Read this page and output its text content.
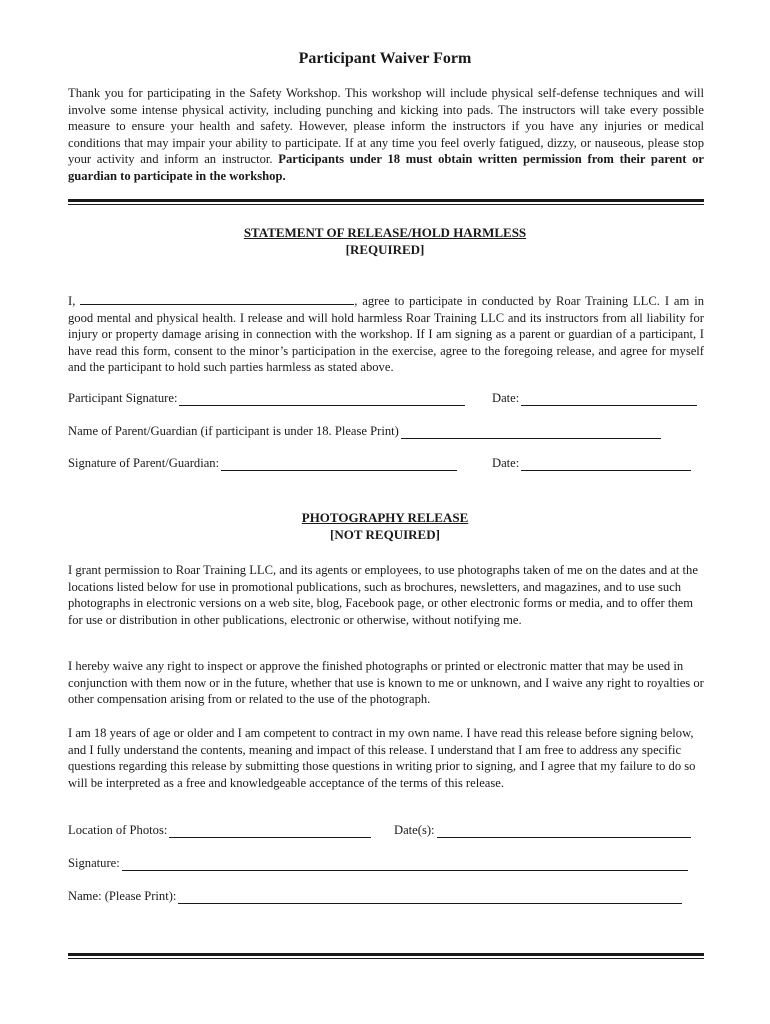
Participant Waiver Form

Thank you for participating in the Safety Workshop. This workshop will include physical self-defense techniques and will involve some intense physical activity, including punching and kicking into pads. The instructors will take every possible measure to ensure your health and safety. However, please inform the instructors if you have any injuries or medical conditions that may impair your ability to participate. If at any time you feel overly fatigued, dizzy, or nauseous, please stop your activity and inform an instructor. Participants under 18 must obtain written permission from their parent or guardian to participate in the workshop.

STATEMENT OF RELEASE/HOLD HARMLESS
[REQUIRED]

I,	, agree to participate in conducted by Roar Training LLC. I am in good mental and physical health. I release and will hold harmless Roar Training LLC and its instructors from all liability for injury or property damage arising in connection with the workshop. If I am signing as a parent or guardian of a participant, I have read this form, consent to the minor’s participation in the exercise, agree to the foregoing release, and agree for myself and the participant to hold such parties harmless as stated above.

Participant Signature:	Date:
Name of Parent/Guardian (if participant is under 18. Please Print)
Signature of Parent/Guardian:	Date:
PHOTOGRAPHY RELEASE
[NOT REQUIRED]

I grant permission to Roar Training LLC, and its agents or employees, to use photographs taken of me on the dates and at the locations listed below for use in promotional publications, such as brochures, newsletters, and magazines, and to use such photographs in electronic versions on a web site, blog, Facebook page, or other electronic forms or media, and to offer them for use or distribution in other publications, electronic or otherwise, without notifying me.

I hereby waive any right to inspect or approve the finished photographs or printed or electronic matter that may be used in conjunction with them now or in the future, whether that use is known to me or unknown, and I waive any right to royalties or other compensation arising from or related to the use of the photograph.

I am 18 years of age or older and I am competent to contract in my own name. I have read this release before signing below, and I fully understand the contents, meaning and impact of this release. I understand that I am free to address any specific questions regarding this release by submitting those questions in writing prior to signing, and I agree that my failure to do so will be interpreted as a free and knowledgeable acceptance of the terms of this release.

Location of Photos:	Date(s):
Signature:
Name: (Please Print):
